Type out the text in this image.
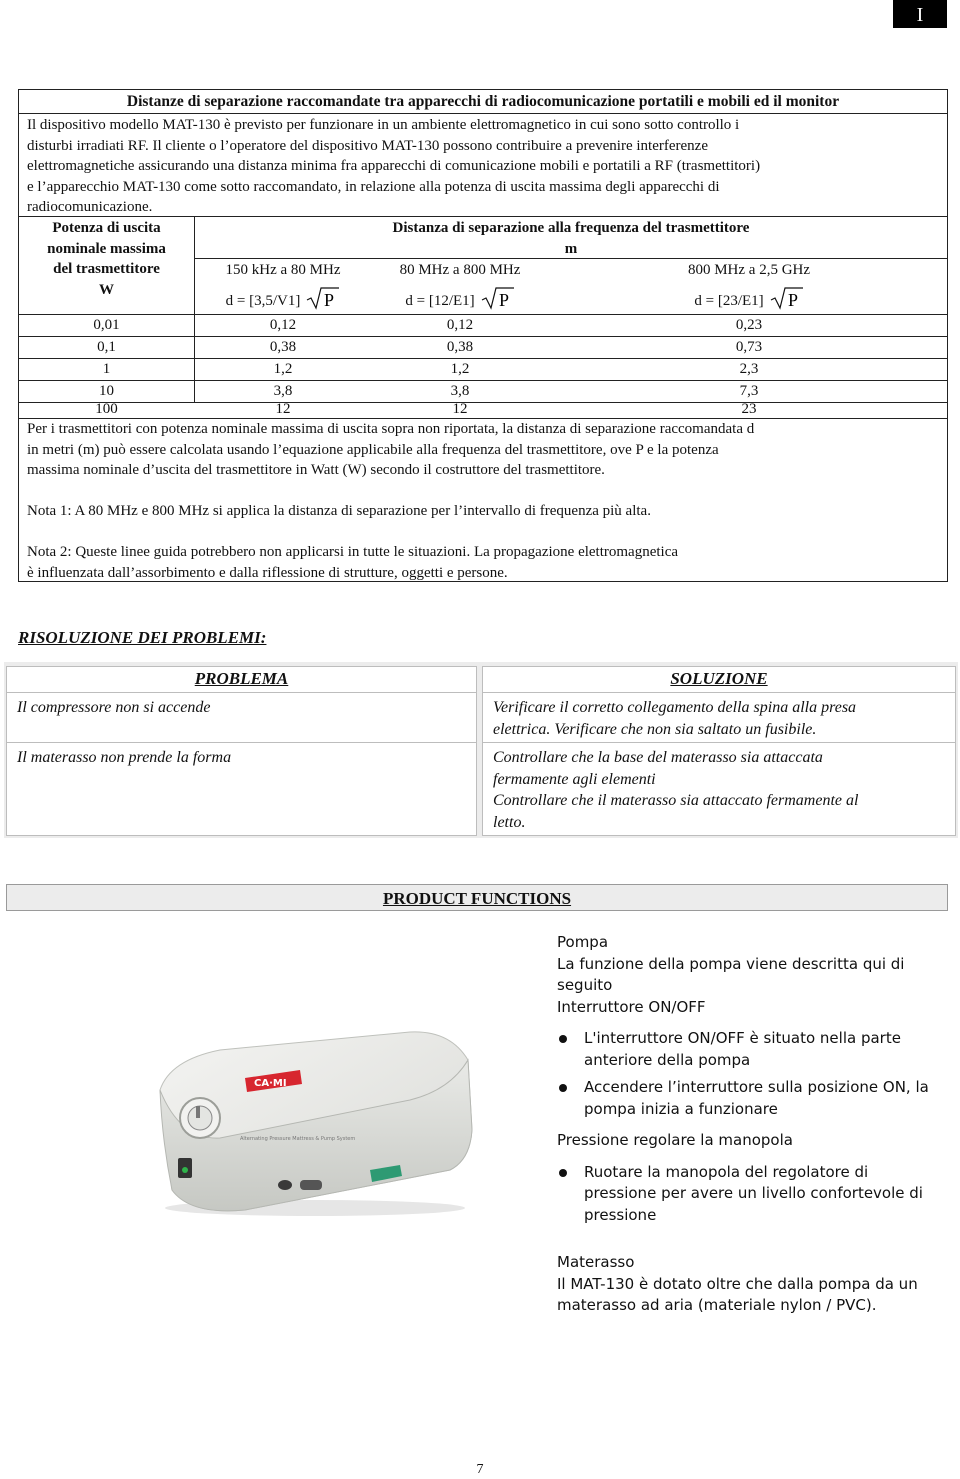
I
Distanze di separazione raccomandate tra apparecchi di radiocomunicazione portatili e mobili ed il monitor
Il dispositivo modello MAT-130 è previsto per funzionare in un ambiente elettromagnetico in cui sono sotto controllo i
disturbi irradiati RF. Il cliente o l’operatore del dispositivo MAT-130 possono contribuire a prevenire interferenze
elettromagnetiche assicurando una distanza minima fra apparecchi di comunicazione mobili e portatili a RF (trasmettitori)
e l’apparecchio MAT-130 come sotto raccomandato, in relazione alla potenza di uscita massima degli apparecchi di
radiocomunicazione.
Potenza di uscita
nominale massima
del trasmettitore
W
Distanza di separazione alla frequenza del trasmettitore
m
150 kHz a 80 MHz	80 MHz a 800 MHz	800 MHz a 2,5 GHz
d = [3,5/V1] P	d = [12/E1] P	d = [23/E1] P
0,01	0,12	0,12	0,23
0,1	0,38	0,38	0,73
1	1,2	1,2	2,3
10	3,8	3,8	7,3
100	12	12	23

Per i trasmettitori con potenza nominale massima di uscita sopra non riportata, la distanza di separazione raccomandata d
in metri (m) può essere calcolata usando l’equazione applicabile alla frequenza del trasmettitore, ove P e la potenza
massima nominale d’uscita del trasmettitore in Watt (W) secondo il costruttore del trasmettitore.

Nota 1: A 80 MHz e 800 MHz si applica la distanza di separazione per l’intervallo di frequenza più alta.

Nota 2: Queste linee guida potrebbero non applicarsi in tutte le situazioni. La propagazione elettromagnetica
è influenzata dall’assorbimento e dalla riflessione di strutture, oggetti e persone.

RISOLUZIONE DEI PROBLEMI:
PROBLEMA	SOLUZIONE
Il compressore non si accende	Verificare il corretto collegamento della spina alla presa
elettrica. Verificare che non sia saltato un fusibile.
Il materasso non prende la forma	Controllare che la base del materasso sia attaccata
fermamente agli elementi
Controllare che il materasso sia attaccato fermamente al
letto.
PRODUCT FUNCTIONS
CA·MI
Alternating Pressure Mattress & Pump System

Pompa

La funzione della pompa viene descritta qui di seguito

Interruttore ON/OFF

L'interruttore ON/OFF è situato nella parte anteriore della pompa
Accendere l’interruttore sulla posizione ON, la pompa inizia a funzionare

Pressione regolare la manopola

Ruotare la manopola del regolatore di pressione per avere un livello confortevole di pressione

Materasso

Il MAT-130 è dotato oltre che dalla pompa da un materasso ad aria (materiale nylon / PVC).

7
